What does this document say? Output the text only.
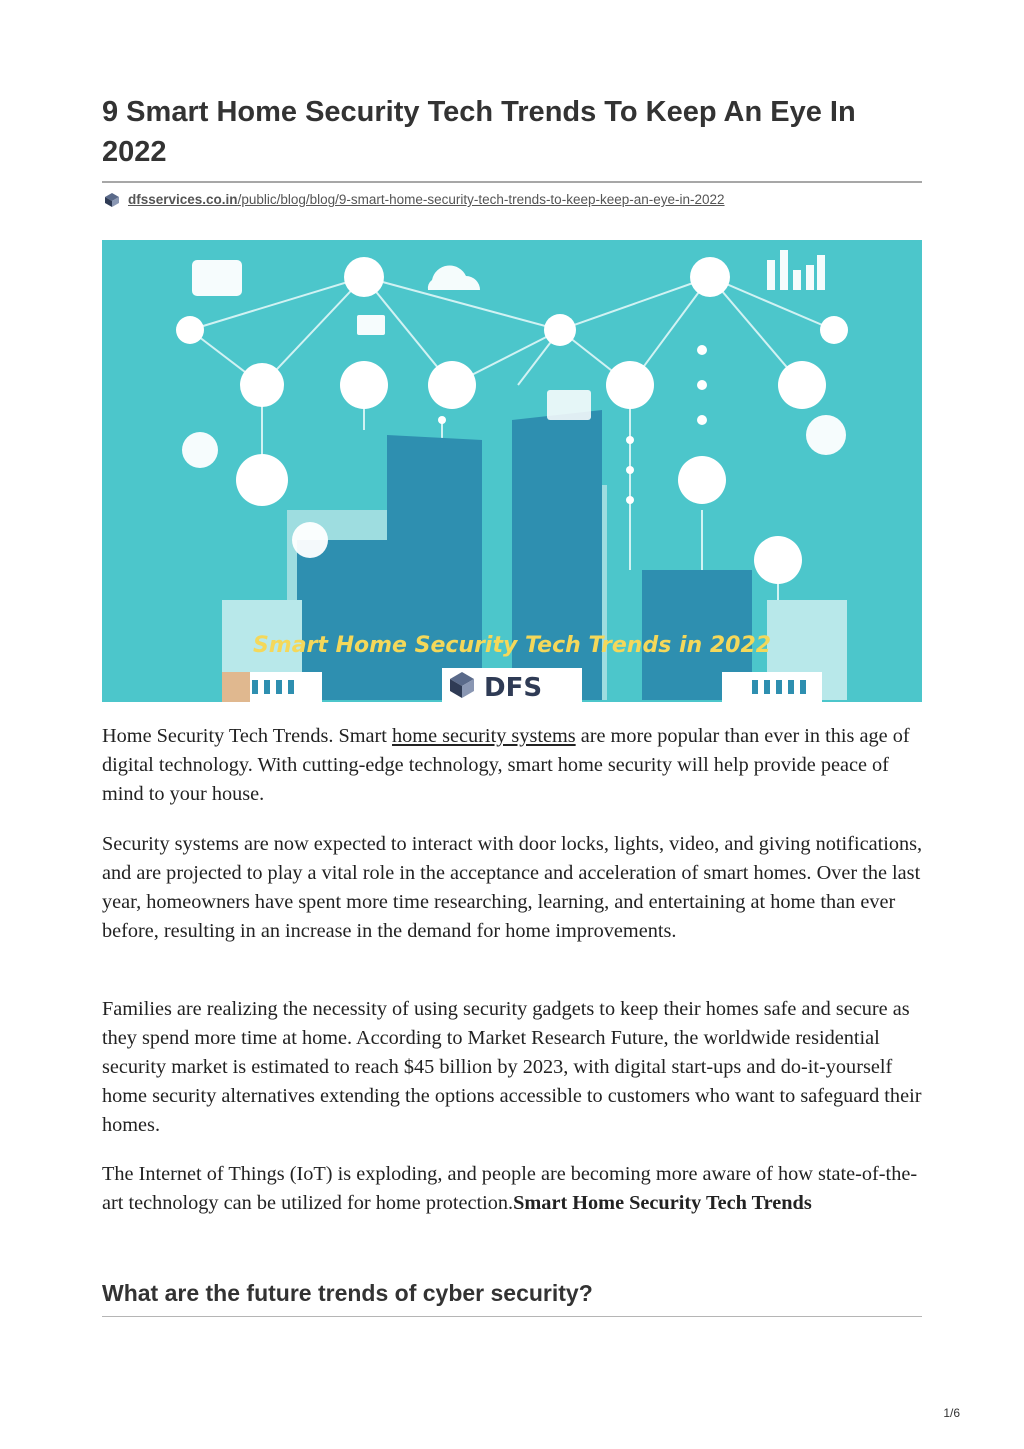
9 Smart Home Security Tech Trends To Keep An Eye In 2022
dfsservices.co.in /public/blog/blog/9-smart-home-security-tech-trends-to-keep-keep-an-eye-in-2022
Smart Home Security Tech Trends in 2022
DFS

Home Security Tech Trends. Smart home security systems are more popular than ever in this age of digital technology. With cutting-edge technology, smart home security will help provide peace of mind to your house.

Security systems are now expected to interact with door locks, lights, video, and giving notifications, and are projected to play a vital role in the acceptance and acceleration of smart homes. Over the last year, homeowners have spent more time researching, learning, and entertaining at home than ever before, resulting in an increase in the demand for home improvements.

Families are realizing the necessity of using security gadgets to keep their homes safe and secure as they spend more time at home. According to Market Research Future, the worldwide residential security market is estimated to reach $45 billion by 2023, with digital start-ups and do-it-yourself home security alternatives extending the options accessible to customers who want to safeguard their homes.

The Internet of Things (IoT) is exploding, and people are becoming more aware of how state-of-the-art technology can be utilized for home protection.Smart Home Security Tech Trends

What are the future trends of cyber security?
1/6
